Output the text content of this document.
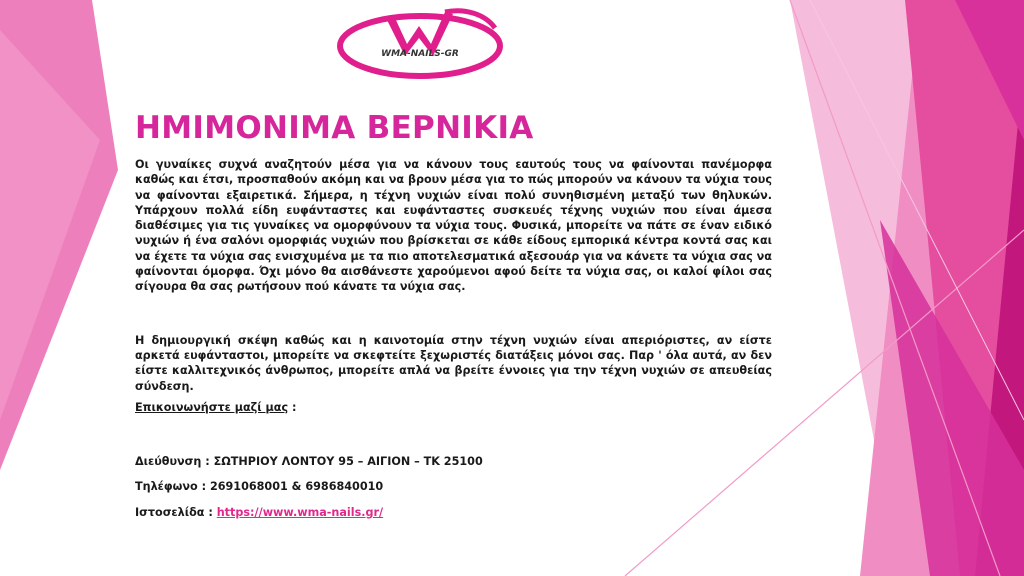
WMA-NAILS-GR
ΗΜΙΜΟΝΙΜΑ ΒΕΡΝΙΚΙΑ

Οι γυναίκες συχνά αναζητούν μέσα για να κάνουν τους εαυτούς τους να φαίνονται πανέμορφα καθώς και έτσι, προσπαθούν ακόμη και να βρουν μέσα για το πώς μπορούν να κάνουν τα νύχια τους να φαίνονται εξαιρετικά. Σήμερα, η τέχνη νυχιών είναι πολύ συνηθισμένη μεταξύ των θηλυκών. Υπάρχουν πολλά είδη ευφάνταστες και ευφάνταστες συσκευές τέχνης νυχιών που είναι άμεσα διαθέσιμες για τις γυναίκες να ομορφύνουν τα νύχια τους. Φυσικά, μπορείτε να πάτε σε έναν ειδικό νυχιών ή ένα σαλόνι ομορφιάς νυχιών που βρίσκεται σε κάθε είδους εμπορικά κέντρα κοντά σας και να έχετε τα νύχια σας ενισχυμένα με τα πιο αποτελεσματικά αξεσουάρ για να κάνετε τα νύχια σας να φαίνονται όμορφα. Όχι μόνο θα αισθάνεστε χαρούμενοι αφού δείτε τα νύχια σας, οι καλοί φίλοι σας σίγουρα θα σας ρωτήσουν πού κάνατε τα νύχια σας.

Η δημιουργική σκέψη καθώς και η καινοτομία στην τέχνη νυχιών είναι απεριόριστες, αν είστε αρκετά ευφάνταστοι, μπορείτε να σκεφτείτε ξεχωριστές διατάξεις μόνοι σας. Παρ ' όλα αυτά, αν δεν είστε καλλιτεχνικός άνθρωπος, μπορείτε απλά να βρείτε έννοιες για την τέχνη νυχιών σε απευθείας σύνδεση.

Επικοινωνήστε μαζί μας :

Διεύθυνση : ΣΩΤΗΡΙΟΥ ΛΟΝΤΟΥ 95 – ΑΙΓΙΟΝ – ΤΚ 25100

Τηλέφωνο : 2691068001 & 6986840010

Ιστοσελίδα : https://www.wma-nails.gr/
